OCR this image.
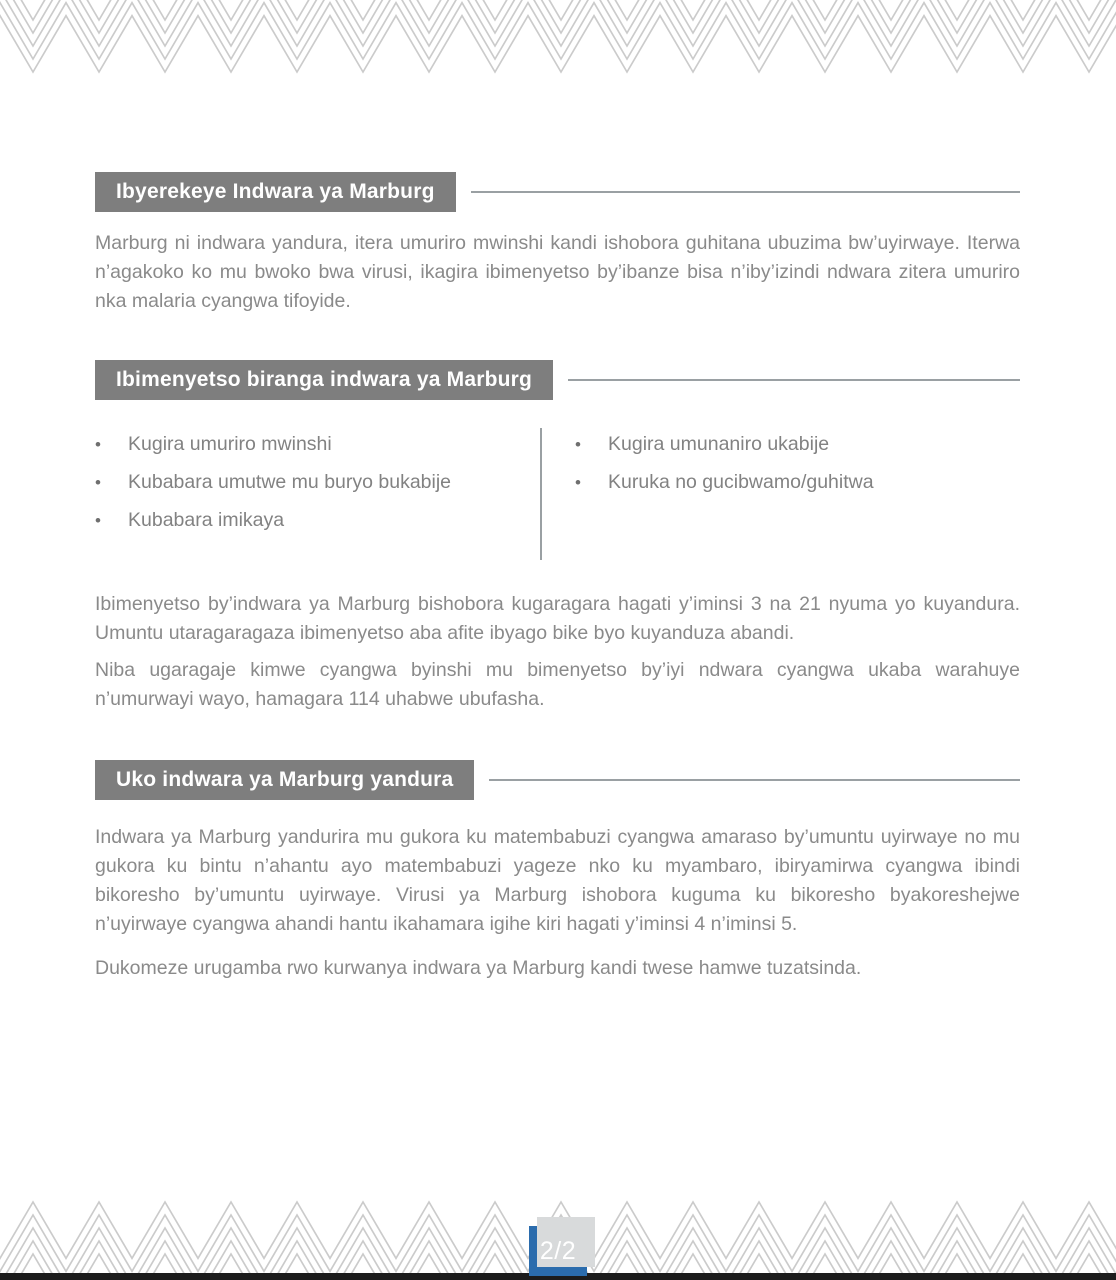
Ibyerekeye Indwara ya Marburg

Marburg ni indwara yandura, itera umuriro mwinshi kandi ishobora guhitana ubuzima bw’uyirwaye. Iterwa n’agakoko ko mu bwoko bwa virusi, ikagira ibimenyetso by’ibanze bisa n’iby’izindi ndwara zitera umuriro nka malaria cyangwa tifoyide.

Ibimenyetso biranga indwara ya Marburg
•	Kugira umuriro mwinshi
•	Kubabara umutwe mu buryo bukabije
•	Kubabara imikaya
•	Kugira umunaniro ukabije
•	Kuruka no gucibwamo/guhitwa

Ibimenyetso by’indwara ya Marburg bishobora kugaragara hagati y’iminsi 3 na 21 nyuma yo kuyandura. Umuntu utaragaragaza ibimenyetso aba afite ibyago bike byo kuyanduza abandi.

Niba ugaragaje kimwe cyangwa byinshi mu bimenyetso by’iyi ndwara cyangwa ukaba warahuye n’umurwayi wayo, hamagara 114 uhabwe ubufasha.

Uko indwara ya Marburg yandura

Indwara ya Marburg yandurira mu gukora ku matembabuzi cyangwa amaraso by’umuntu uyirwaye no mu gukora ku bintu n’ahantu ayo matembabuzi yageze nko ku myambaro, ibiryamirwa cyangwa ibindi bikoresho by’umuntu uyirwaye. Virusi ya Marburg ishobora kuguma ku bikoresho byakoreshejwe n’uyirwaye cyangwa ahandi hantu ikahamara igihe kiri hagati y’iminsi 4 n’iminsi 5.

Dukomeze urugamba rwo kurwanya indwara ya Marburg kandi twese hamwe tuzatsinda.

2/2
